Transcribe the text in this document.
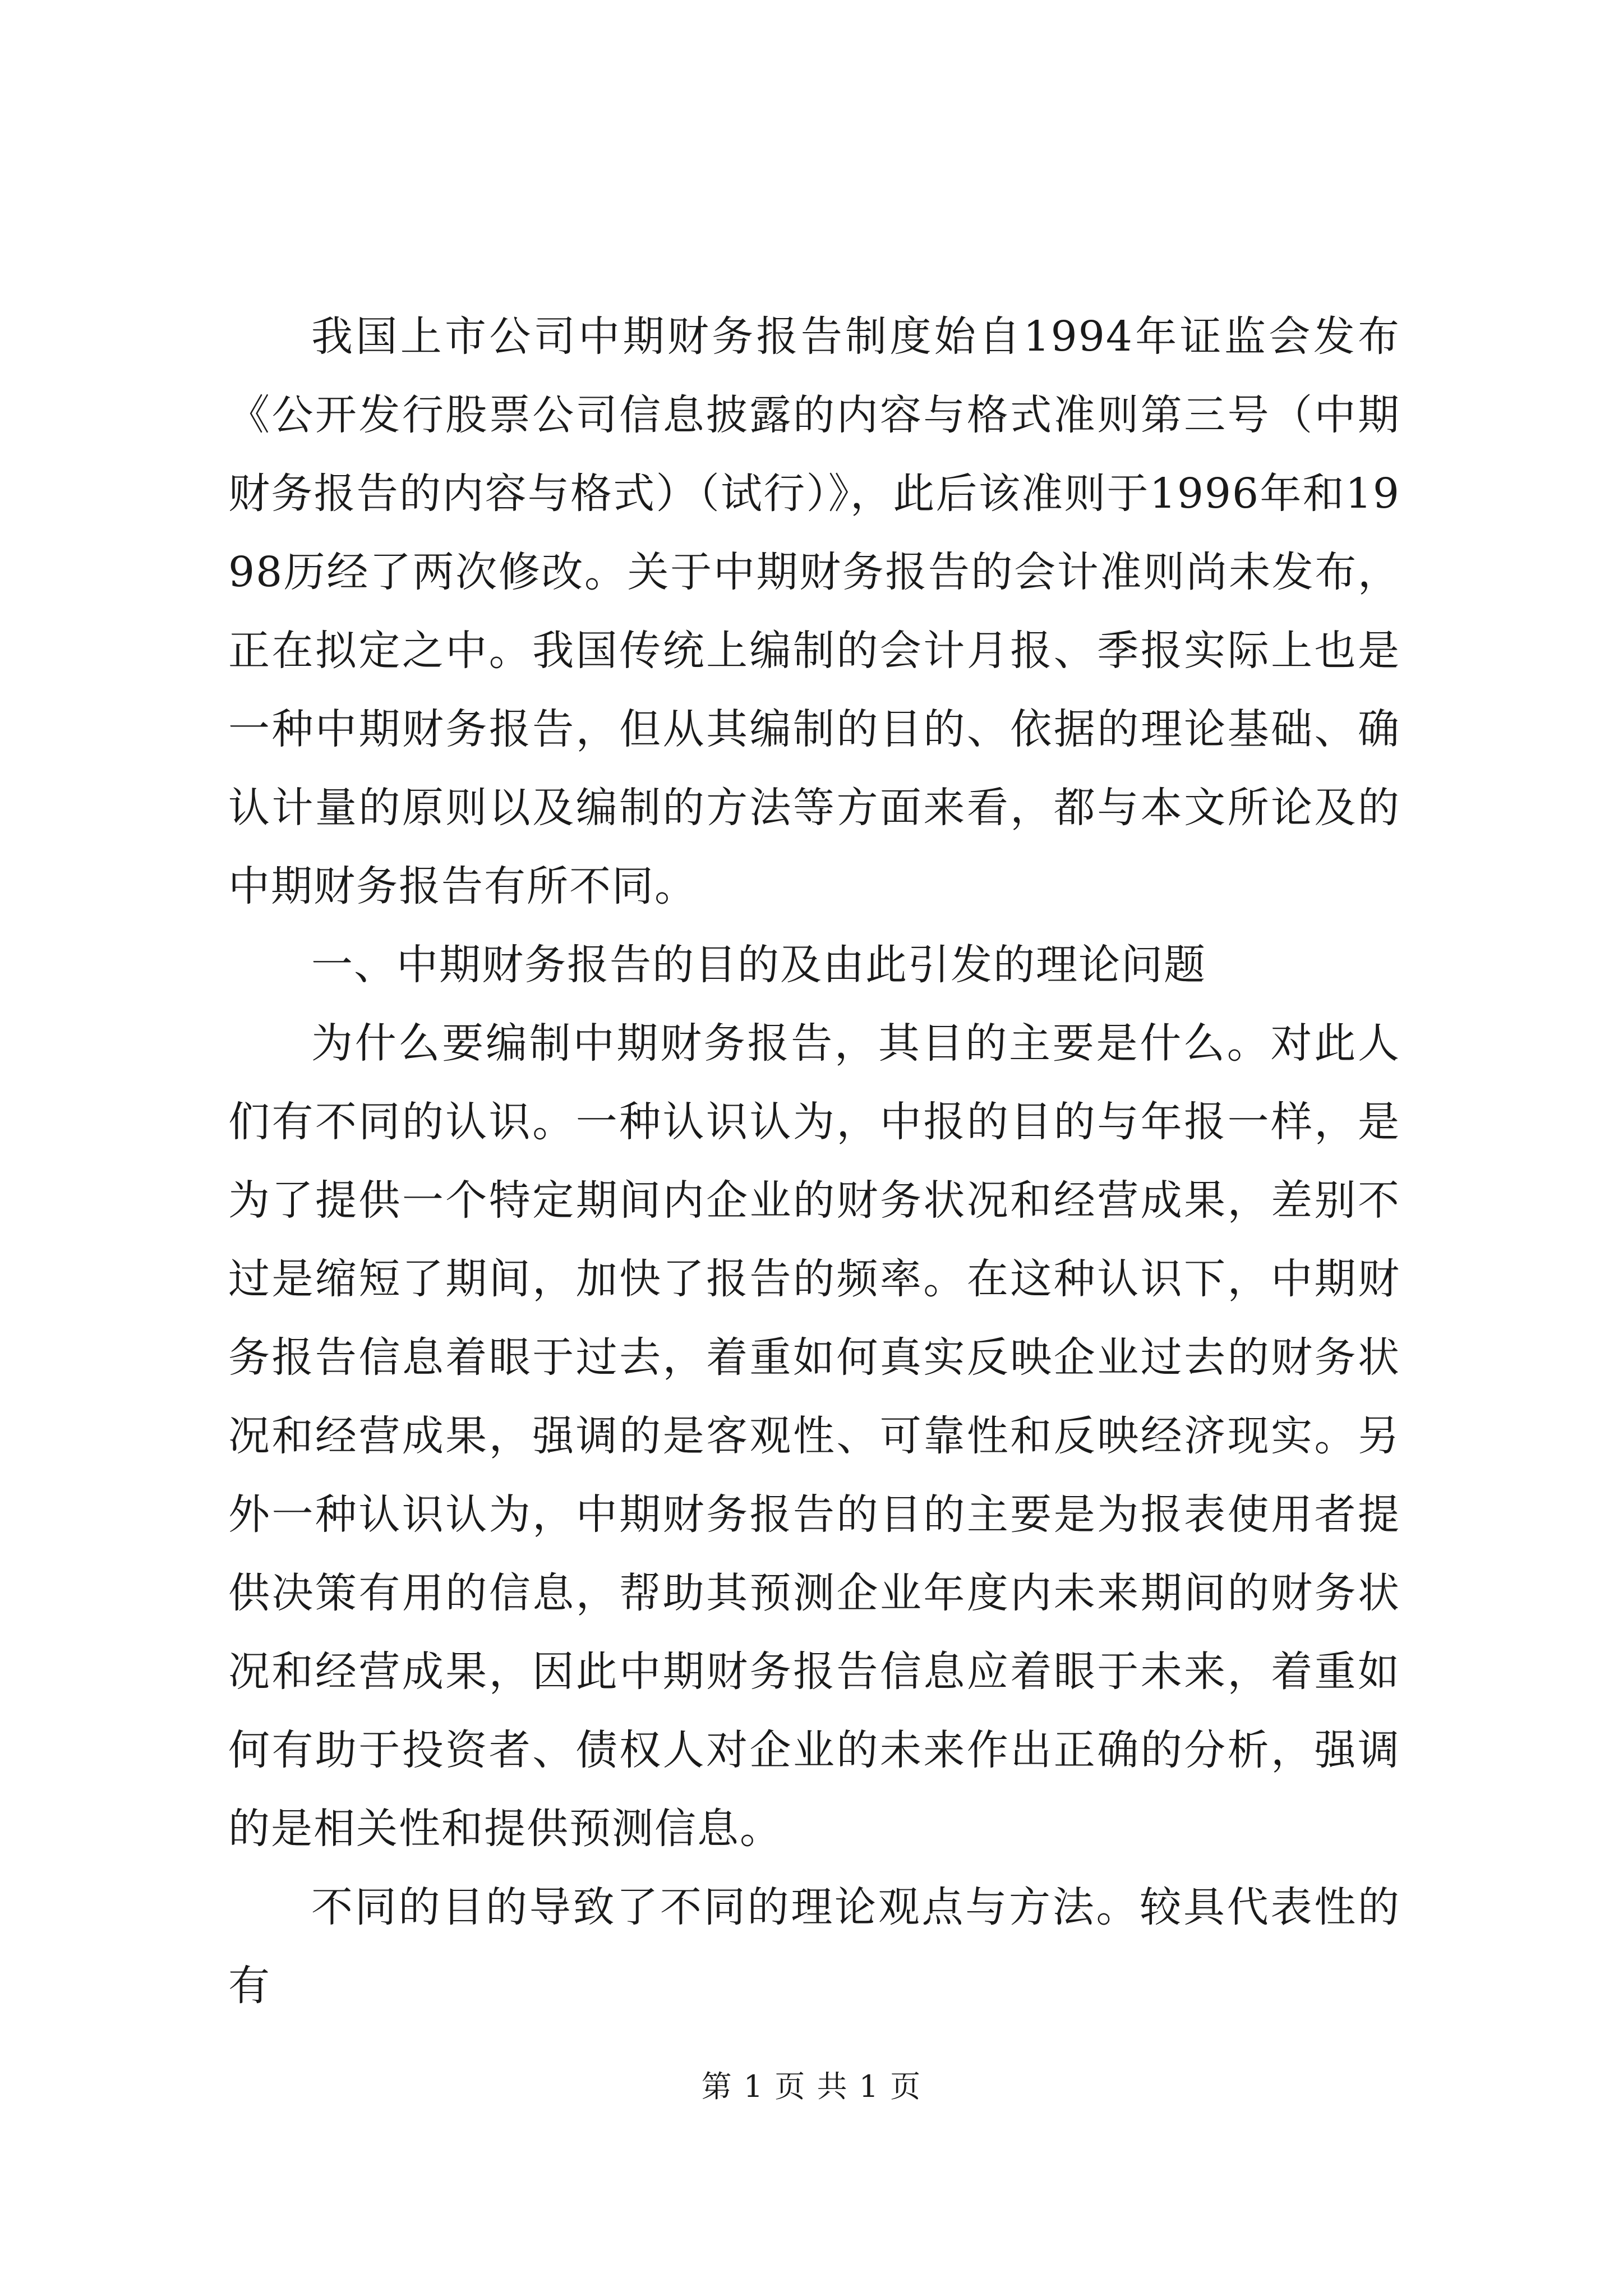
我国上市公司中期财务报告制度始自1994年证监会发布《公开发行股票公司信息披露的内容与格式准则第三号（中期财务报告的内容与格式）（试行）》，此后该准则于1996年和1998历经了两次修改。关于中期财务报告的会计准则尚未发布，正在拟定之中。我国传统上编制的会计月报、季报实际上也是一种中期财务报告，但从其编制的目的、依据的理论基础、确认计量的原则以及编制的方法等方面来看，都与本文所论及的中期财务报告有所不同。

一、中期财务报告的目的及由此引发的理论问题

为什么要编制中期财务报告，其目的主要是什么。对此人们有不同的认识。一种认识认为，中报的目的与年报一样，是为了提供一个特定期间内企业的财务状况和经营成果，差别不过是缩短了期间，加快了报告的频率。在这种认识下，中期财务报告信息着眼于过去，着重如何真实反映企业过去的财务状况和经营成果，强调的是客观性、可靠性和反映经济现实。另外一种认识认为，中期财务报告的目的主要是为报表使用者提供决策有用的信息，帮助其预测企业年度内未来期间的财务状况和经营成果，因此中期财务报告信息应着眼于未来，着重如何有助于投资者、债权人对企业的未来作出正确的分析，强调的是相关性和提供预测信息。

不同的目的导致了不同的理论观点与方法。较具代表性的有

第 1 页 共 1 页
